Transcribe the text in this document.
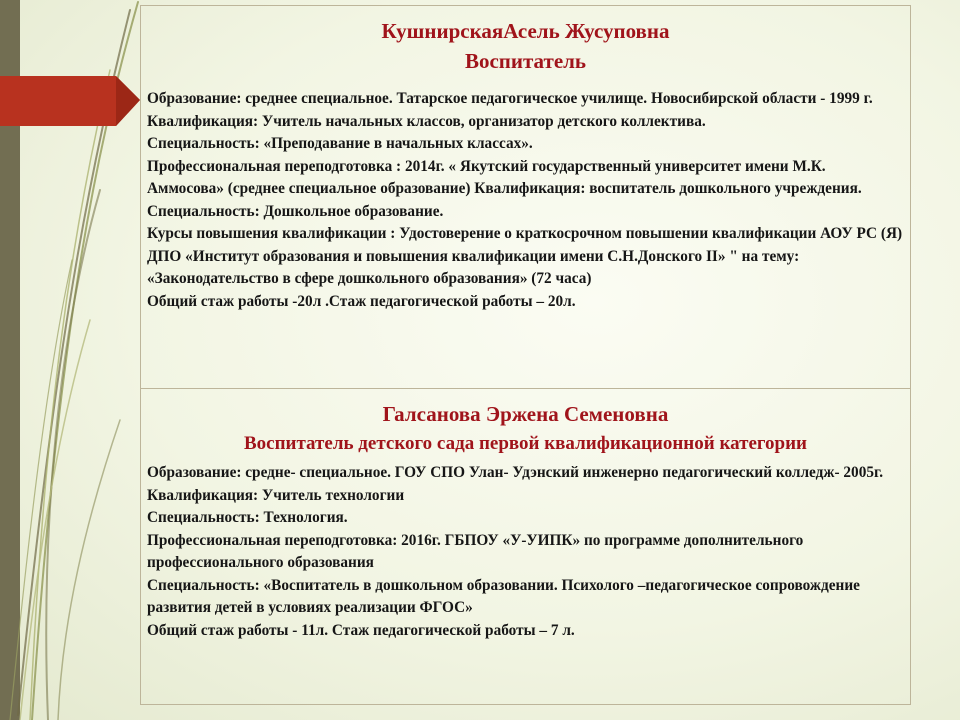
КушнирскаяАсель Жусуповна
Воспитатель

Образование: среднее специальное. Татарское педагогическое училище. Новосибирской области - 1999 г.

Квалификация: Учитель начальных классов, организатор детского коллектива.

Специальность: «Преподавание в начальных классах».

Профессиональная переподготовка : 2014г. « Якутский государственный университет имени М.К. Аммосова» (среднее специальное образование) Квалификация: воспитатель дошкольного учреждения.

Специальность: Дошкольное образование.

Курсы повышения квалификации : Удостоверение о краткосрочном повышении квалификации АОУ РС (Я) ДПО «Институт образования и повышения квалификации имени С.Н.Донского II» " на тему: «Законодательство в сфере дошкольного образования» (72 часа)

Общий стаж работы -20л .Стаж педагогической работы – 20л.

Галсанова Эржена Семеновна
Воспитатель детского сада первой квалификационной категории

Образование: средне- специальное. ГОУ СПО Улан- Удэнский инженерно педагогический колледж- 2005г.

Квалификация: Учитель технологии

Специальность: Технология.

Профессиональная переподготовка: 2016г. ГБПОУ «У-УИПК» по программе дополнительного профессионального образования

Специальность: «Воспитатель в дошкольном образовании. Психолого –педагогическое сопровождение развития детей в условиях реализации ФГОС»

Общий стаж работы - 11л. Стаж педагогической работы – 7 л.
